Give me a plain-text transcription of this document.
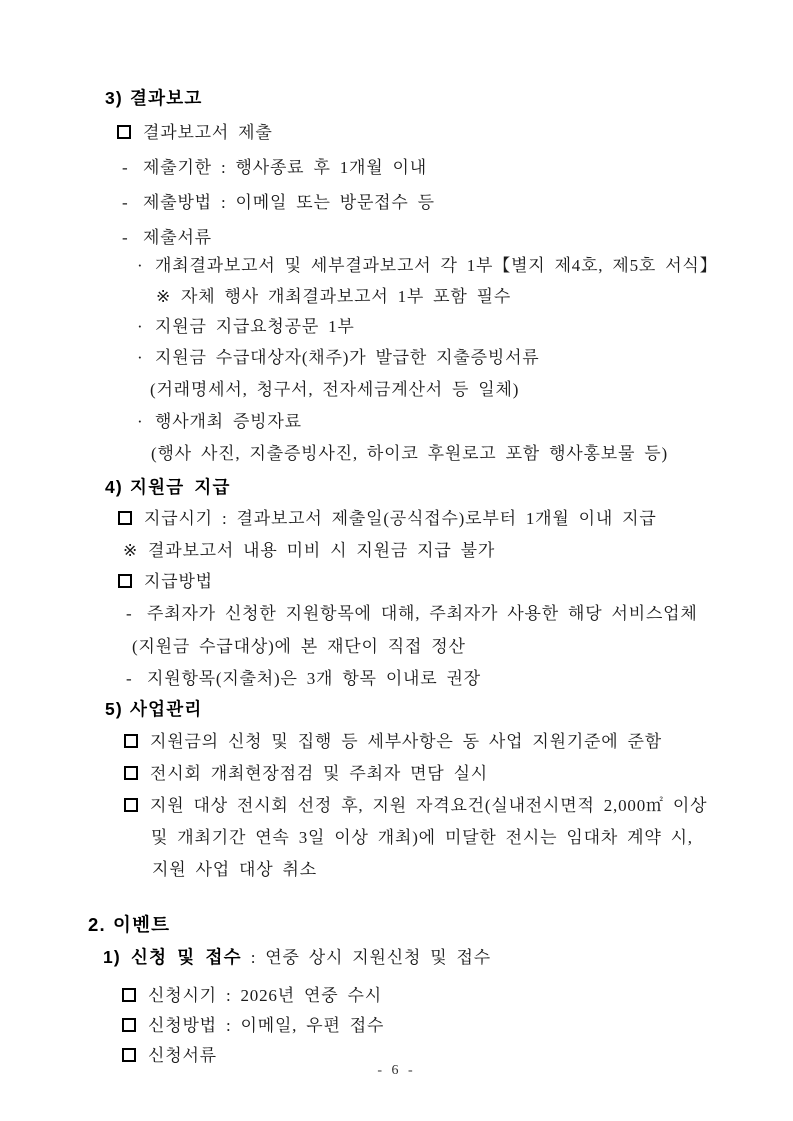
3) 결과보고
결과보고서 제출
- 제출기한 : 행사종료 후 1개월 이내
- 제출방법 : 이메일 또는 방문접수 등
- 제출서류
· 개최결과보고서 및 세부결과보고서 각 1부【별지 제4호, 제5호 서식】
※ 자체 행사 개최결과보고서 1부 포함 필수
· 지원금 지급요청공문 1부
· 지원금 수급대상자(채주)가 발급한 지출증빙서류
(거래명세서, 청구서, 전자세금계산서 등 일체)
· 행사개최 증빙자료
(행사 사진, 지출증빙사진, 하이코 후원로고 포함 행사홍보물 등)
4) 지원금 지급
지급시기 : 결과보고서 제출일(공식접수)로부터 1개월 이내 지급
※ 결과보고서 내용 미비 시 지원금 지급 불가
지급방법
- 주최자가 신청한 지원항목에 대해, 주최자가 사용한 해당 서비스업체
(지원금 수급대상)에 본 재단이 직접 정산
- 지원항목(지출처)은 3개 항목 이내로 권장
5) 사업관리
지원금의 신청 및 집행 등 세부사항은 동 사업 지원기준에 준함
전시회 개최현장점검 및 주최자 면담 실시
지원 대상 전시회 선정 후, 지원 자격요건(실내전시면적 2,000㎡ 이상
및 개최기간 연속 3일 이상 개최)에 미달한 전시는 임대차 계약 시,
지원 사업 대상 취소
2. 이벤트
1) 신청 및 접수 : 연중 상시 지원신청 및 접수
신청시기 : 2026년 연중 수시
신청방법 : 이메일, 우편 접수
신청서류
- 6 -
